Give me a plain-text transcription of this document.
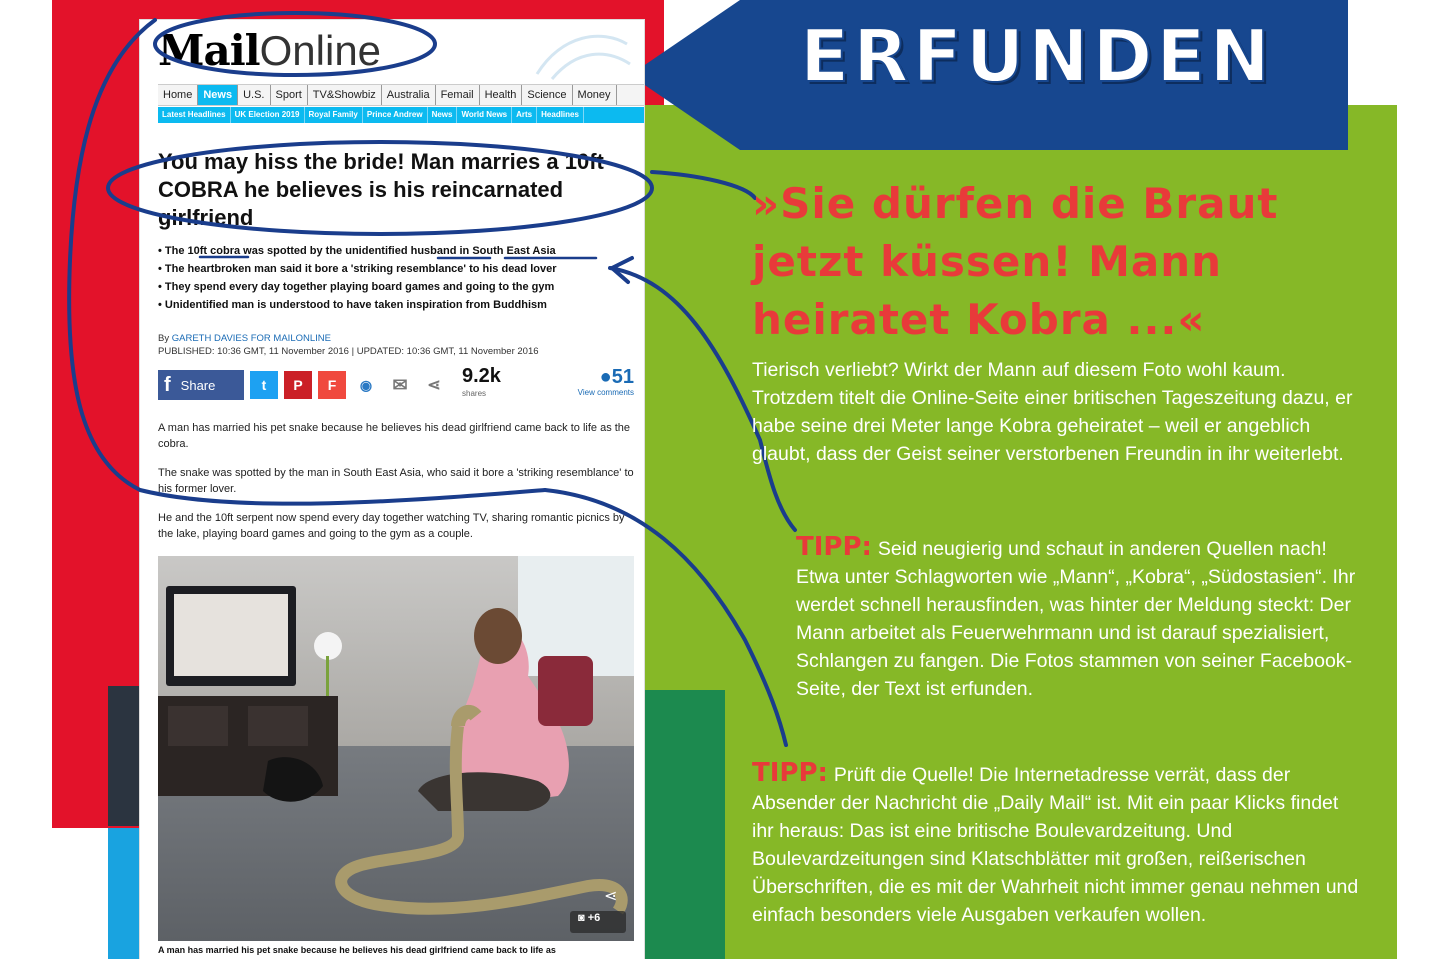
MailOnline
Home	News	U.S.	Sport	TV&Showbiz	Australia	Femail	Health	Science	Money
Latest Headlines	UK Election 2019	Royal Family	Prince Andrew	News	World News	Arts	Headlines
You may hiss the bride! Man marries a 10ft COBRA he believes is his reincarnated girlfriend
• The 10ft cobra was spotted by the unidentified husband in South East Asia
• The heartbroken man said it bore a 'striking resemblance' to his dead lover
• They spend every day together playing board games and going to the gym
• Unidentified man is understood to have taken inspiration from Buddhism
By GARETH DAVIES FOR MAILONLINE
PUBLISHED: 10:36 GMT, 11 November 2016 | UPDATED: 10:36 GMT, 11 November 2016
f Share	t	P	F	◉	✉	⋖	9.2k
shares
●51
View comments

A man has married his pet snake because he believes his dead girlfriend came back to life as the cobra.

The snake was spotted by the man in South East Asia, who said it bore a 'striking resemblance' to his former lover.

He and the 10ft serpent now spend every day together watching TV, sharing romantic picnics by the lake, playing board games and going to the gym as a couple.

◙ +6
⋖
A man has married his pet snake because he believes his dead girlfriend came back to life as
ERFUNDEN
»Sie dürfen die Braut jetzt küssen! Mann heiratet Kobra ...«
Tierisch verliebt? Wirkt der Mann auf diesem Foto wohl kaum. Trotzdem titelt die Online-Seite einer britischen Tageszeitung dazu, er habe seine drei Meter lange Kobra geheiratet – weil er angeblich glaubt, dass der Geist seiner verstorbenen Freundin in ihr weiterlebt.
TIPP: Seid neugierig und schaut in anderen Quellen nach! Etwa unter Schlagworten wie „Mann“, „Kobra“, „Südostasien“. Ihr werdet schnell herausfinden, was hinter der Meldung steckt: Der Mann arbeitet als Feuerwehrmann und ist darauf spezialisiert, Schlangen zu fangen. Die Fotos stammen von seiner Facebook-Seite, der Text ist erfunden.
TIPP: Prüft die Quelle! Die Internetadresse verrät, dass der Absender der Nachricht die „Daily Mail“ ist. Mit ein paar Klicks findet ihr heraus: Das ist eine britische Boulevardzeitung. Und Boulevardzeitungen sind Klatschblätter mit großen, reißerischen Überschriften, die es mit der Wahrheit nicht immer genau nehmen und einfach besonders viele Ausgaben verkaufen wollen.
